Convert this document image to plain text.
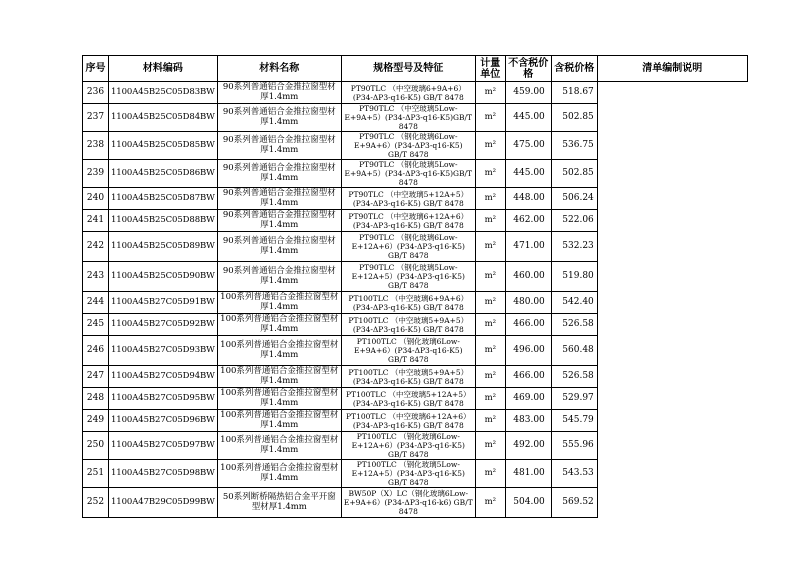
序号	材料编码	材料名称	规格型号及特征	计量单位	不含税价 格	含税价格	清单编制说明
236	1100A45B25C05D83BW	90系列普通铝合金推拉窗型材厚1.4mm	PT90TLC （中空玻璃6+9A+6）(P34-ΔP3-q16-K5) GB/T 8478	m²	459.00	518.67	
237	1100A45B25C05D84BW	90系列普通铝合金推拉窗型材厚1.4mm	PT90TLC （中空玻璃5Low-E+9A+5）(P34-ΔP3-q16-K5)GB/T 8478	m²	445.00	502.85	
238	1100A45B25C05D85BW	90系列普通铝合金推拉窗型材厚1.4mm	PT90TLC （钢化玻璃6Low-E+9A+6）(P34-ΔP3-q16-K5) GB/T 8478	m²	475.00	536.75	
239	1100A45B25C05D86BW	90系列普通铝合金推拉窗型材厚1.4mm	PT90TLC （钢化玻璃5Low-E+9A+5）(P34-ΔP3-q16-K5)GB/T 8478	m²	445.00	502.85	
240	1100A45B25C05D87BW	90系列普通铝合金推拉窗型材厚1.4mm	PT90TLC （中空玻璃5+12A+5）(P34-ΔP3-q16-K5) GB/T 8478	m²	448.00	506.24	
241	1100A45B25C05D88BW	90系列普通铝合金推拉窗型材厚1.4mm	PT90TLC （中空玻璃6+12A+6）(P34-ΔP3-q16-K5) GB/T 8478	m²	462.00	522.06	
242	1100A45B25C05D89BW	90系列普通铝合金推拉窗型材厚1.4mm	PT90TLC （钢化玻璃6Low-E+12A+6）(P34-ΔP3-q16-K5) GB/T 8478	m²	471.00	532.23	
243	1100A45B25C05D90BW	90系列普通铝合金推拉窗型材厚1.4mm	PT90TLC （钢化玻璃5Low-E+12A+5）(P34-ΔP3-q16-K5) GB/T 8478	m²	460.00	519.80	
244	1100A45B27C05D91BW	100系列普通铝合金推拉窗型材厚1.4mm	PT100TLC （中空玻璃6+9A+6）(P34-ΔP3-q16-K5) GB/T 8478	m²	480.00	542.40	
245	1100A45B27C05D92BW	100系列普通铝合金推拉窗型材厚1.4mm	PT100TLC （中空玻璃5+9A+5）(P34-ΔP3-q16-K5) GB/T 8478	m²	466.00	526.58	
246	1100A45B27C05D93BW	100系列普通铝合金推拉窗型材厚1.4mm	PT100TLC （钢化玻璃6Low-E+9A+6）(P34-ΔP3-q16-K5) GB/T 8478	m²	496.00	560.48	
247	1100A45B27C05D94BW	100系列普通铝合金推拉窗型材厚1.4mm	PT100TLC （中空玻璃5+9A+5）(P34-ΔP3-q16-K5) GB/T 8478	m²	466.00	526.58	
248	1100A45B27C05D95BW	100系列普通铝合金推拉窗型材厚1.4mm	PT100TLC （中空玻璃5+12A+5）(P34-ΔP3-q16-K5) GB/T 8478	m²	469.00	529.97	
249	1100A45B27C05D96BW	100系列普通铝合金推拉窗型材厚1.4mm	PT100TLC （中空玻璃6+12A+6）(P34-ΔP3-q16-K5) GB/T 8478	m²	483.00	545.79	
250	1100A45B27C05D97BW	100系列普通铝合金推拉窗型材厚1.4mm	PT100TLC （钢化玻璃6Low-E+12A+6）(P34-ΔP3-q16-K5) GB/T 8478	m²	492.00	555.96	
251	1100A45B27C05D98BW	100系列普通铝合金推拉窗型材厚1.4mm	PT100TLC （钢化玻璃5Low-E+12A+5）(P34-ΔP3-q16-K5) GB/T 8478	m²	481.00	543.53	
252	1100A47B29C05D99BW	50系列断桥隔热铝合金平开窗型材厚1.4mm	BW50P（X）LC（钢化玻璃6Low-E+9A+6）(P34-ΔP3-q16-k6) GB/T 8478	m²	504.00	569.52	
